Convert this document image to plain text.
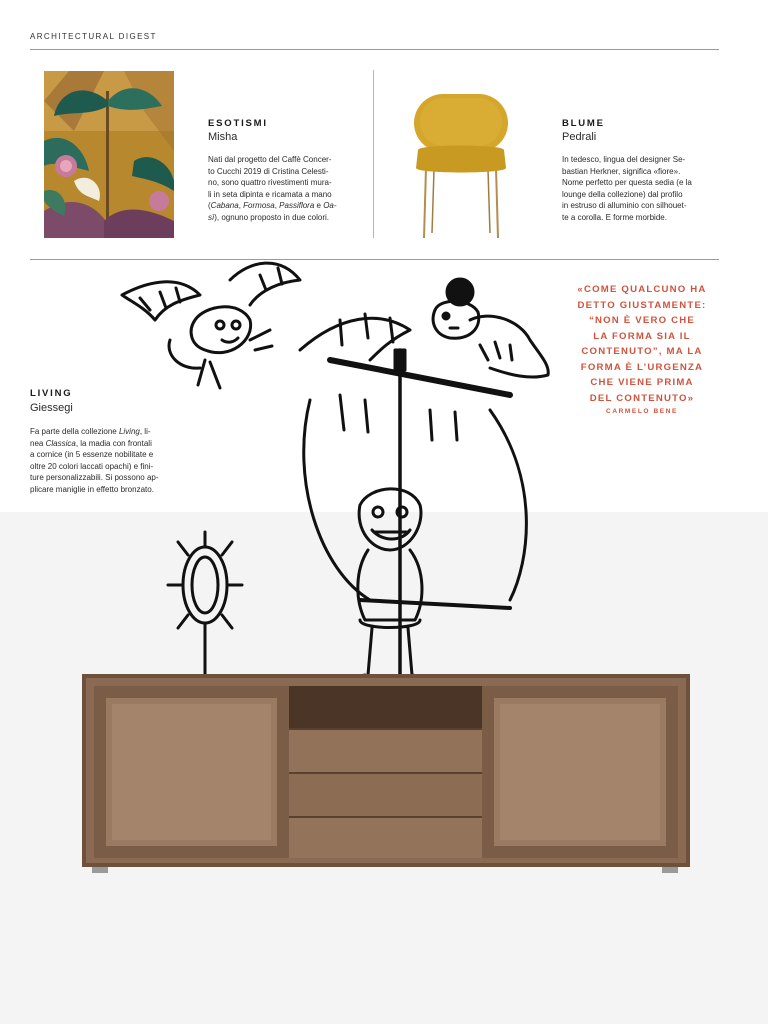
ARCHITECTURAL DIGEST
ESOTISMI
Misha
Nati dal progetto del Caffè Concer-
to Cucchi 2019 di Cristina Celesti-
no, sono quattro rivestimenti mura-
li in seta dipinta e ricamata a mano
(Cabana, Formosa, Passiflora e Oa-
sì), ognuno proposto in due colori.
BLUME
Pedrali
In tedesco, lingua del designer Se-
bastian Herkner, significa «fiore».
Nome perfetto per questa sedia (e la
lounge della collezione) dal profilo
in estruso di alluminio con silhouet-
te a corolla. E forme morbide.
LIVING
Giessegi
Fa parte della collezione Living, li-
nea Classica, la madia con frontali
a cornice (in 5 essenze nobilitate e
oltre 20 colori laccati opachi) e fini-
ture personalizzabili. Si possono ap-
plicare maniglie in effetto bronzato.
«COME QUALCUNO HA
DETTO GIUSTAMENTE:
“NON È VERO CHE
LA FORMA SIA IL
CONTENUTO”, MA LA
FORMA È L’URGENZA
CHE VIENE PRIMA
DEL CONTENUTO»
CARMELO BENE
